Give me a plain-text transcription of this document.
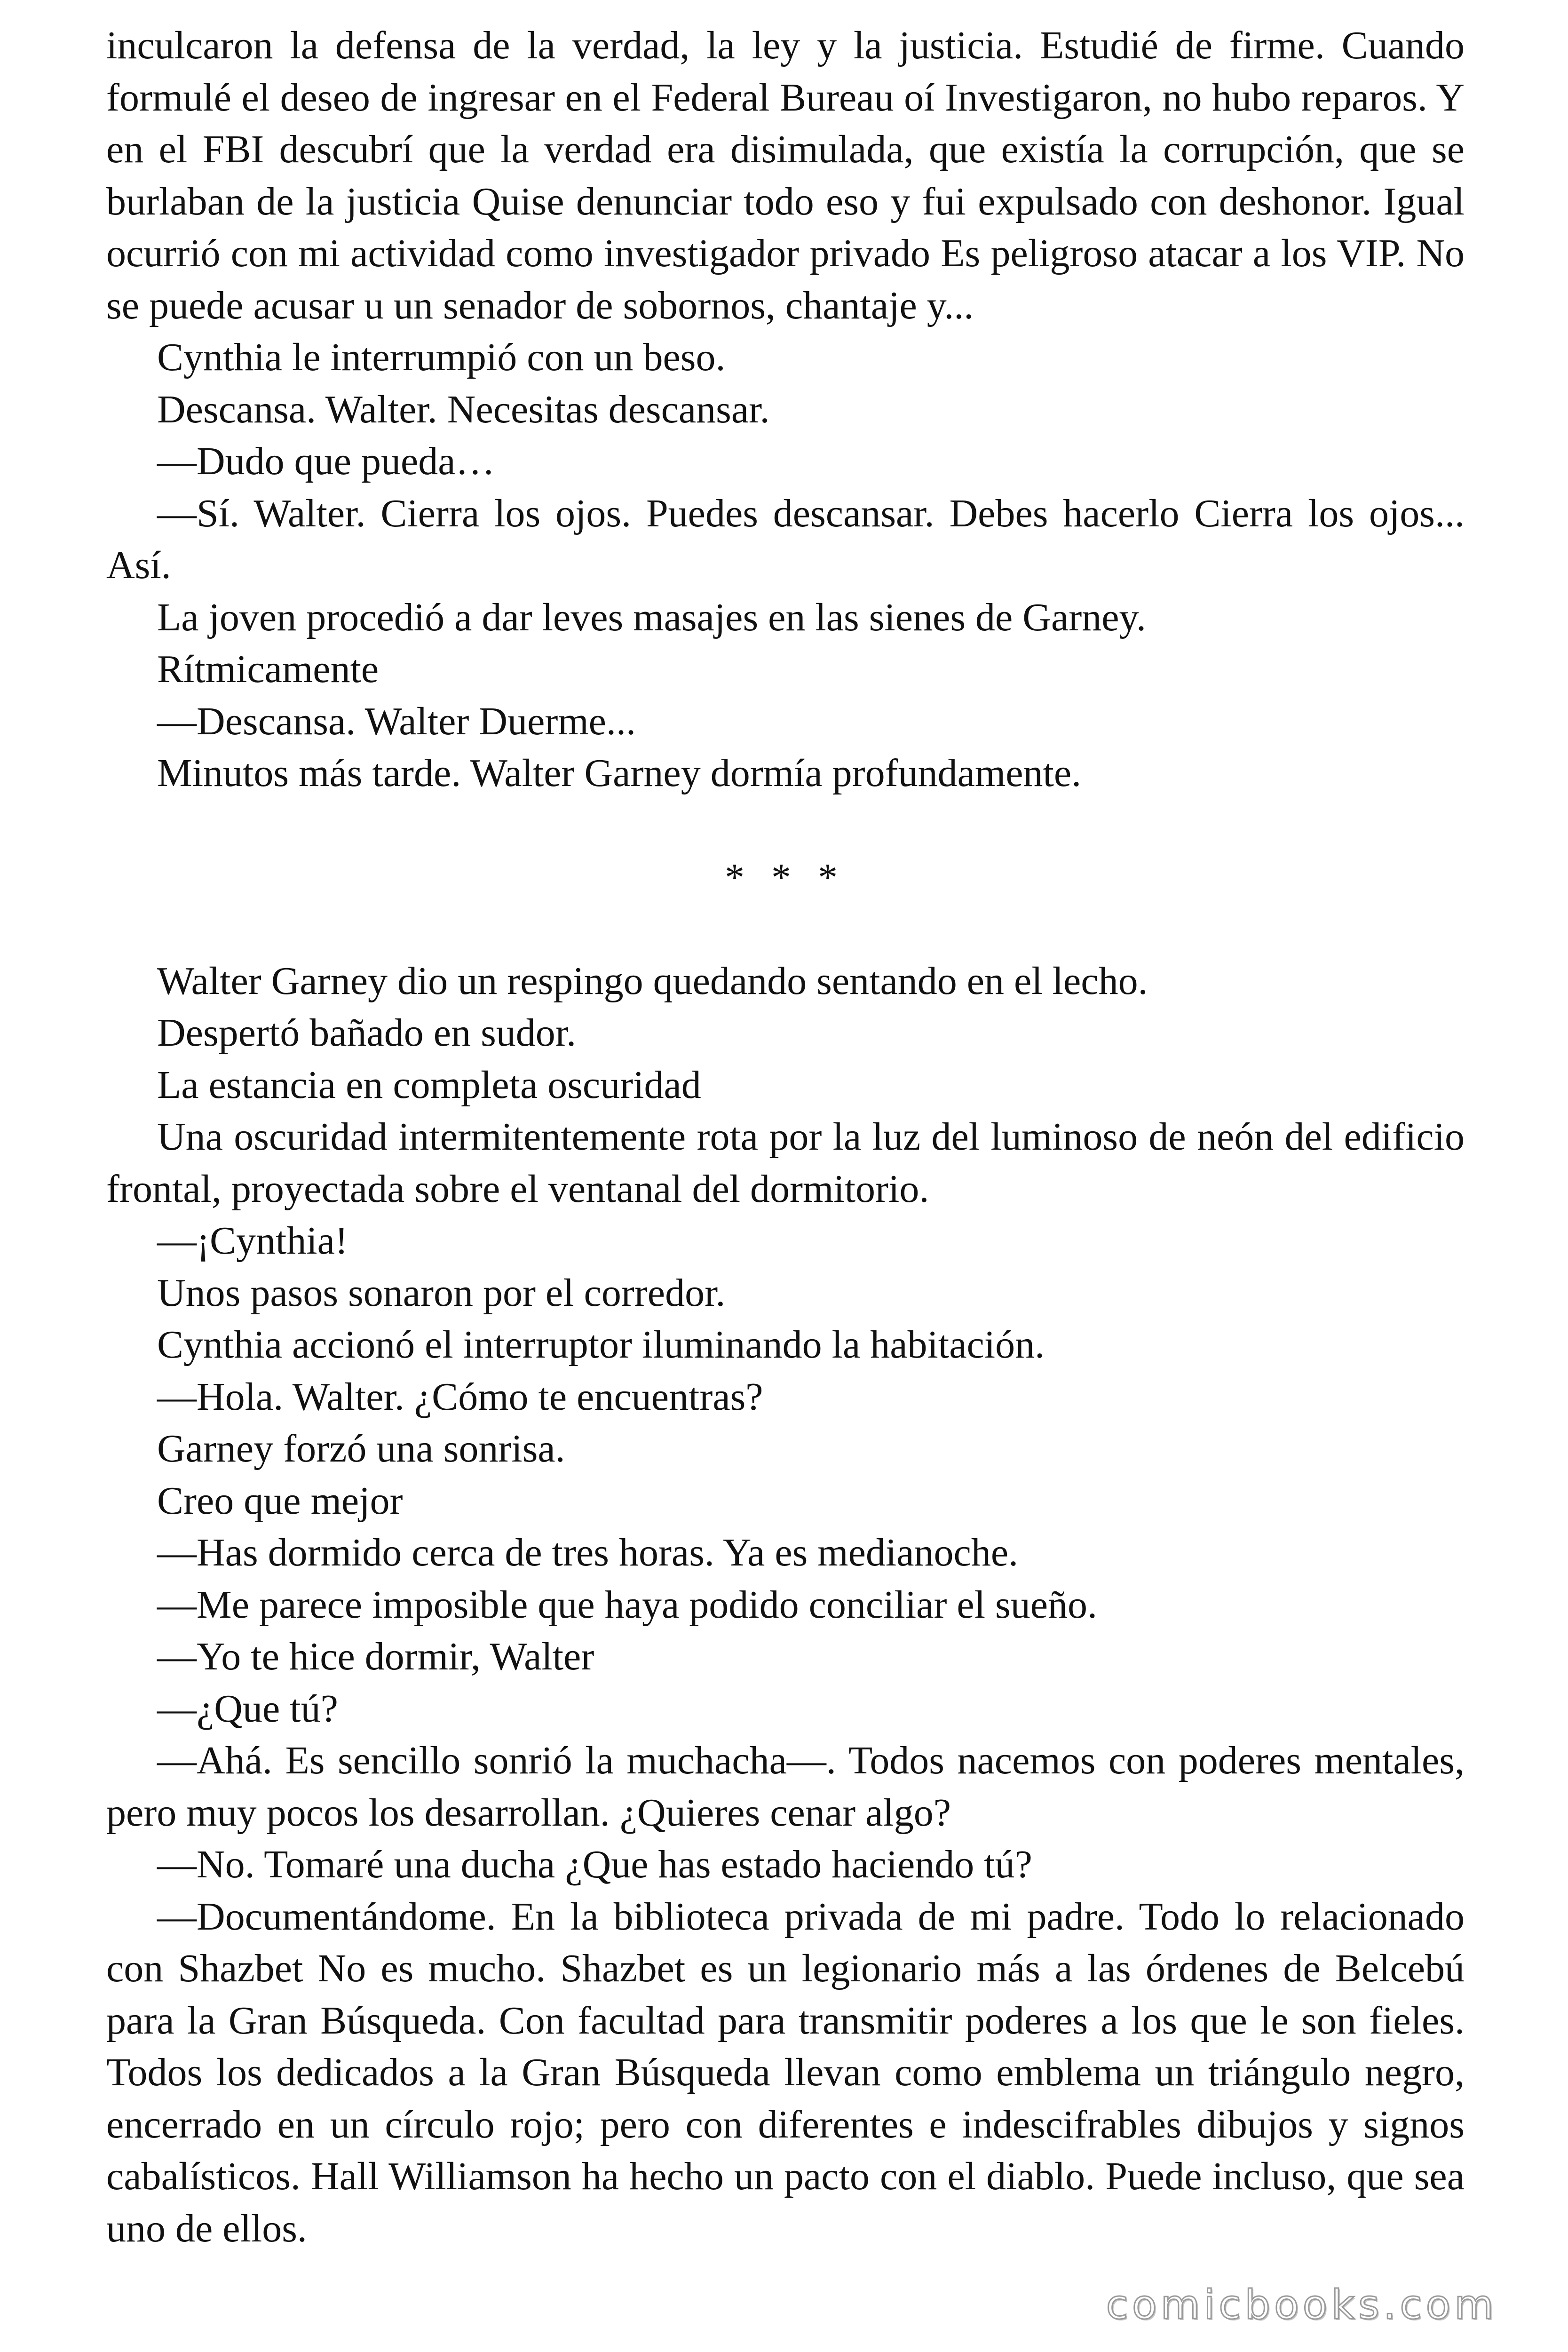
inculcaron la defensa de la verdad, la ley y la justicia. Estudié de firme. Cuando formulé el deseo de ingresar en el Federal Bureau oí Investigaron, no hubo reparos. Y en el FBI descubrí que la verdad era disimulada, que existía la corrupción, que se burlaban de la justicia Quise denunciar todo eso y fui expulsado con deshonor. Igual ocurrió con mi actividad como investigador privado Es peligroso atacar a los VIP. No se puede acusar u un senador de sobornos, chantaje y...

Cynthia le interrumpió con un beso.

Descansa. Walter. Necesitas descansar.

—Dudo que pueda…

—Sí. Walter. Cierra los ojos. Puedes descansar. Debes hacerlo Cierra los ojos... Así.

La joven procedió a dar leves masajes en las sienes de Garney.

Rítmicamente

—Descansa. Walter Duerme...

Minutos más tarde. Walter Garney dormía profundamente.

* * *

Walter Garney dio un respingo quedando sentando en el lecho.

Despertó bañado en sudor.

La estancia en completa oscuridad

Una oscuridad intermitentemente rota por la luz del luminoso de neón del edificio frontal, proyectada sobre el ventanal del dormitorio.

—¡Cynthia!

Unos pasos sonaron por el corredor.

Cynthia accionó el interruptor iluminando la habitación.

—Hola. Walter. ¿Cómo te encuentras?

Garney forzó una sonrisa.

Creo que mejor

—Has dormido cerca de tres horas. Ya es medianoche.

—Me parece imposible que haya podido conciliar el sueño.

—Yo te hice dormir, Walter

—¿Que tú?

—Ahá. Es sencillo sonrió la muchacha—. Todos nacemos con poderes mentales, pero muy pocos los desarrollan. ¿Quieres cenar algo?

—No. Tomaré una ducha ¿Que has estado haciendo tú?

—Documentándome. En la biblioteca privada de mi padre. Todo lo relacionado con Shazbet No es mucho. Shazbet es un legionario más a las órdenes de Belcebú para la Gran Búsqueda. Con facultad para transmitir poderes a los que le son fieles. Todos los dedicados a la Gran Búsqueda llevan como emblema un triángulo negro, encerrado en un círculo rojo; pero con diferentes e indescifrables dibujos y signos cabalísticos. Hall Williamson ha hecho un pacto con el diablo. Puede incluso, que sea uno de ellos.

comicbooks.com
